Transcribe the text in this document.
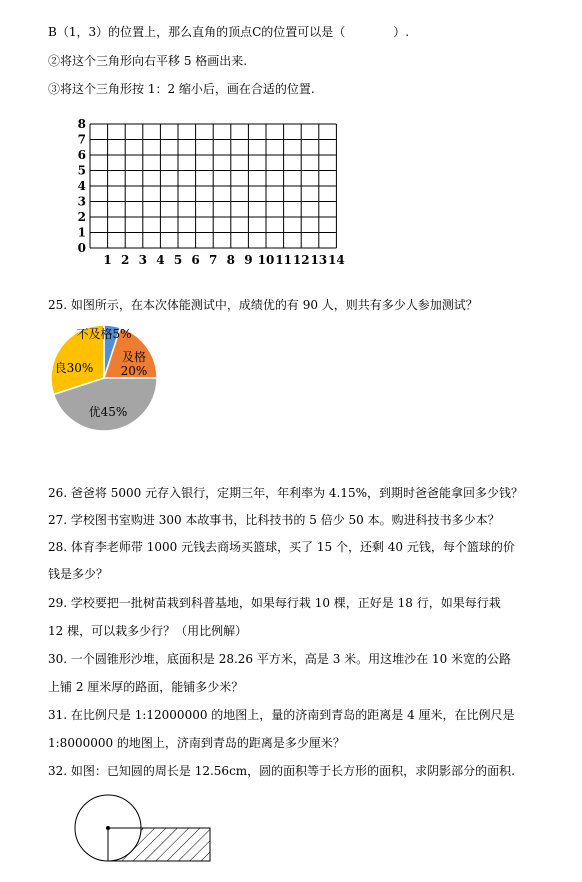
B（1，3）的位置上，那么直角的顶点C的位置可以是（　　　　）.
②将这个三角形向右平移 5 格画出来.
③将这个三角形按 1：2 缩小后，画在合适的位置.
0
1
2
3
4
5
6
7
8
1 2 3 4 5 6 7 8 9 10 11 12 13 14
25. 如图所示，在本次体能测试中，成绩优的有 90 人，则共有多少人参加测试？
不及格5%
及格
20%
优45%
良30%
26. 爸爸将 5000 元存入银行，定期三年，年利率为 4.15%，到期时爸爸能拿回多少钱？
27. 学校图书室购进 300 本故事书，比科技书的 5 倍少 50 本。购进科技书多少本？
28. 体育李老师带 1000 元钱去商场买篮球，买了 15 个，还剩 40 元钱，每个篮球的价
钱是多少？
29. 学校要把一批树苗栽到科普基地，如果每行栽 10 棵，正好是 18 行，如果每行栽
12 棵，可以栽多少行？（用比例解）
30. 一个圆锥形沙堆，底面积是 28.26 平方米，高是 3 米。用这堆沙在 10 米宽的公路
上铺 2 厘米厚的路面，能铺多少米？
31. 在比例尺是 1:12000000 的地图上，量的济南到青岛的距离是 4 厘米，在比例尺是
1:8000000 的地图上，济南到青岛的距离是多少厘米？
32. 如图：已知圆的周长是 12.56cm，圆的面积等于长方形的面积，求阴影部分的面积.
